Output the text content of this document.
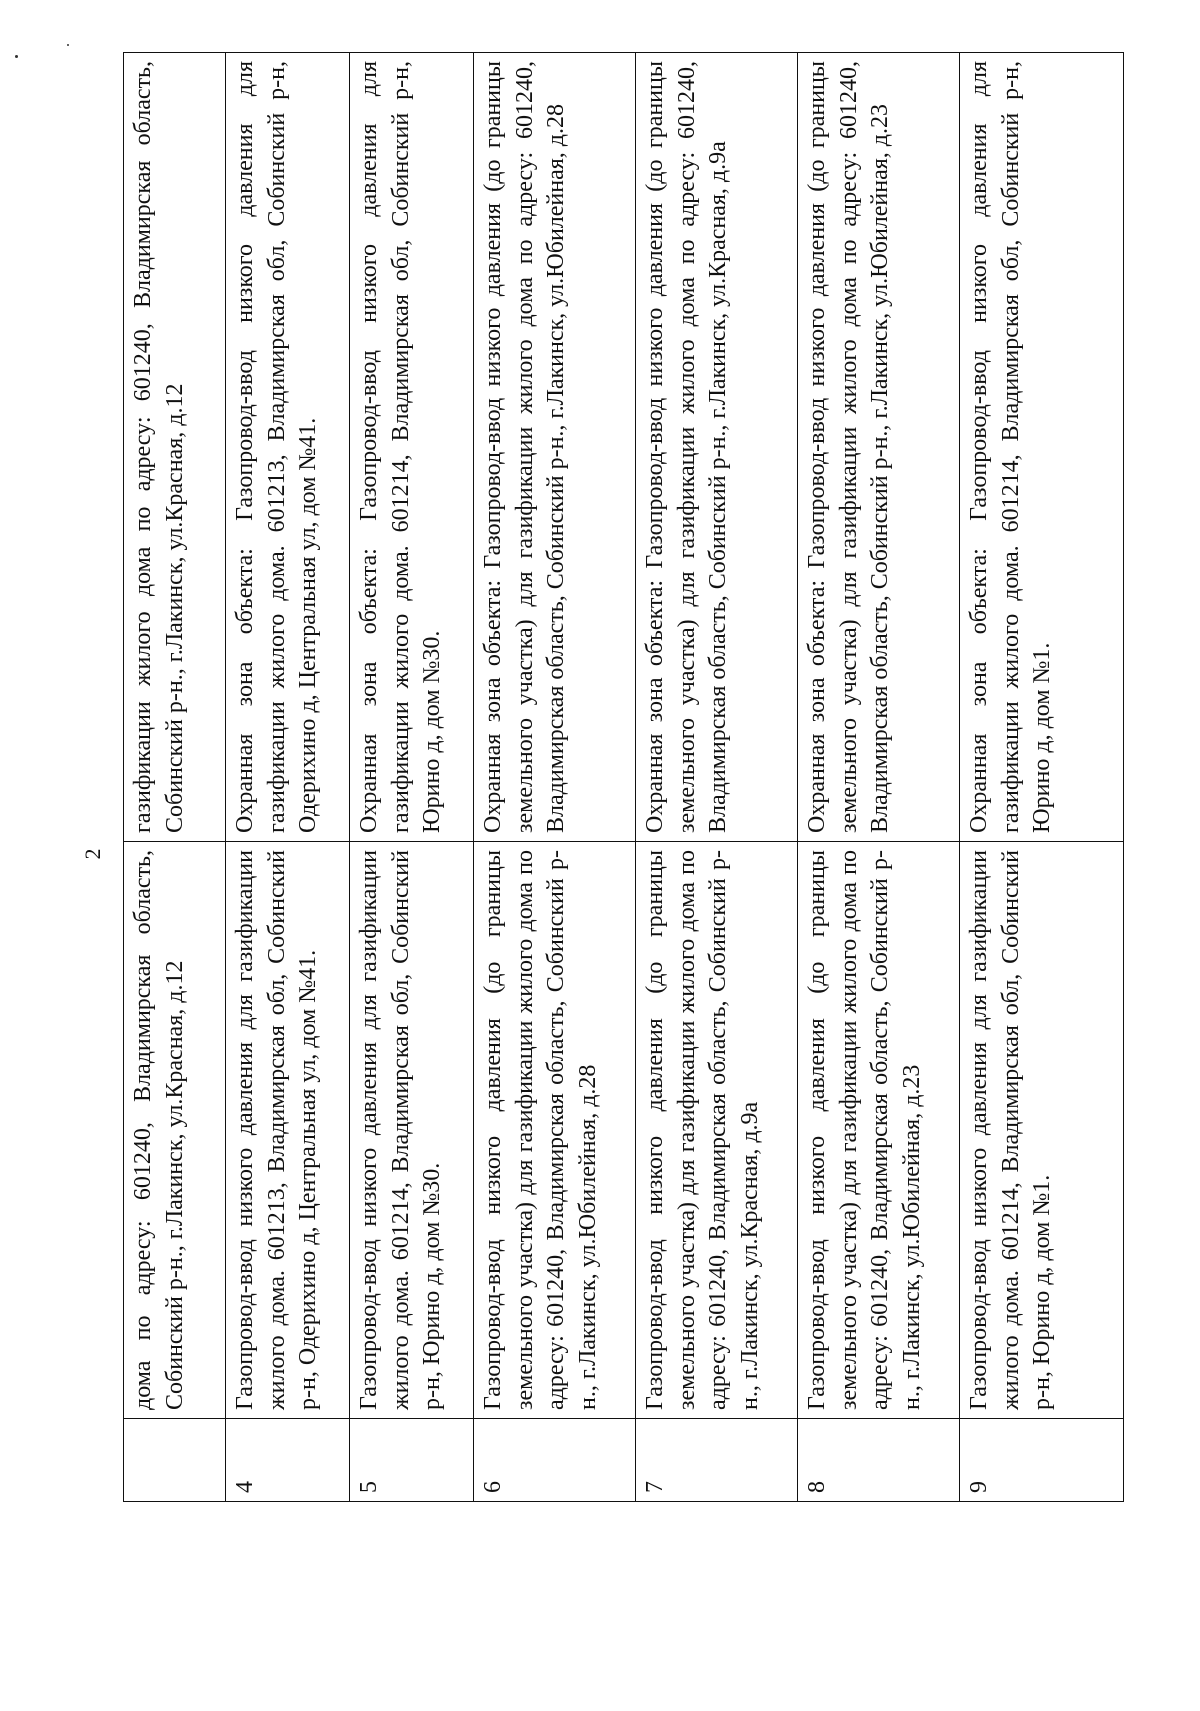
2
	дома по адресу: 601240, Владимирская область, Собинский р-н., г.Лакинск, ул.Красная, д.12	газификации жилого дома по адресу: 601240, Владимирская область, Собинский р-н., г.Лакинск, ул.Красная, д.12
4	Газопровод-ввод низкого давления для газификации жилого дома. 601213, Владимирская обл, Собинский р-н, Одерихино д, Центральная ул, дом №41.	Охранная зона объекта: Газопровод-ввод низкого давления для газификации жилого дома. 601213, Владимирская обл, Собинский р-н, Одерихино д, Центральная ул, дом №41.
5	Газопровод-ввод низкого давления для газификации жилого дома. 601214, Владимирская обл, Собинский р-н, Юрино д, дом №30.	Охранная зона объекта: Газопровод-ввод низкого давления для газификации жилого дома. 601214, Владимирская обл, Собинский р-н, Юрино д, дом №30.
6	Газопровод-ввод низкого давления (до границы земельного участка) для газификации жилого дома по адресу: 601240, Владимирская область, Собинский р-н., г.Лакинск, ул.Юбилейная, д.28	Охранная зона объекта: Газопровод-ввод низкого давления (до границы земельного участка) для газификации жилого дома по адресу: 601240, Владимирская область, Собинский р-н., г.Лакинск, ул.Юбилейная, д.28
7	Газопровод-ввод низкого давления (до границы земельного участка) для газификации жилого дома по адресу: 601240, Владимирская область, Собинский р-н., г.Лакинск, ул.Красная, д.9а	Охранная зона объекта: Газопровод-ввод низкого давления (до границы земельного участка) для газификации жилого дома по адресу: 601240, Владимирская область, Собинский р-н., г.Лакинск, ул.Красная, д.9а
8	Газопровод-ввод низкого давления (до границы земельного участка) для газификации жилого дома по адресу: 601240, Владимирская область, Собинский р-н., г.Лакинск, ул.Юбилейная, д.23	Охранная зона объекта: Газопровод-ввод низкого давления (до границы земельного участка) для газификации жилого дома по адресу: 601240, Владимирская область, Собинский р-н., г.Лакинск, ул.Юбилейная, д.23
9	Газопровод-ввод низкого давления для газификации жилого дома. 601214, Владимирская обл, Собинский р-н, Юрино д, дом №1.	Охранная зона объекта: Газопровод-ввод низкого давления для газификации жилого дома. 601214, Владимирская обл, Собинский р-н, Юрино д, дом №1.
